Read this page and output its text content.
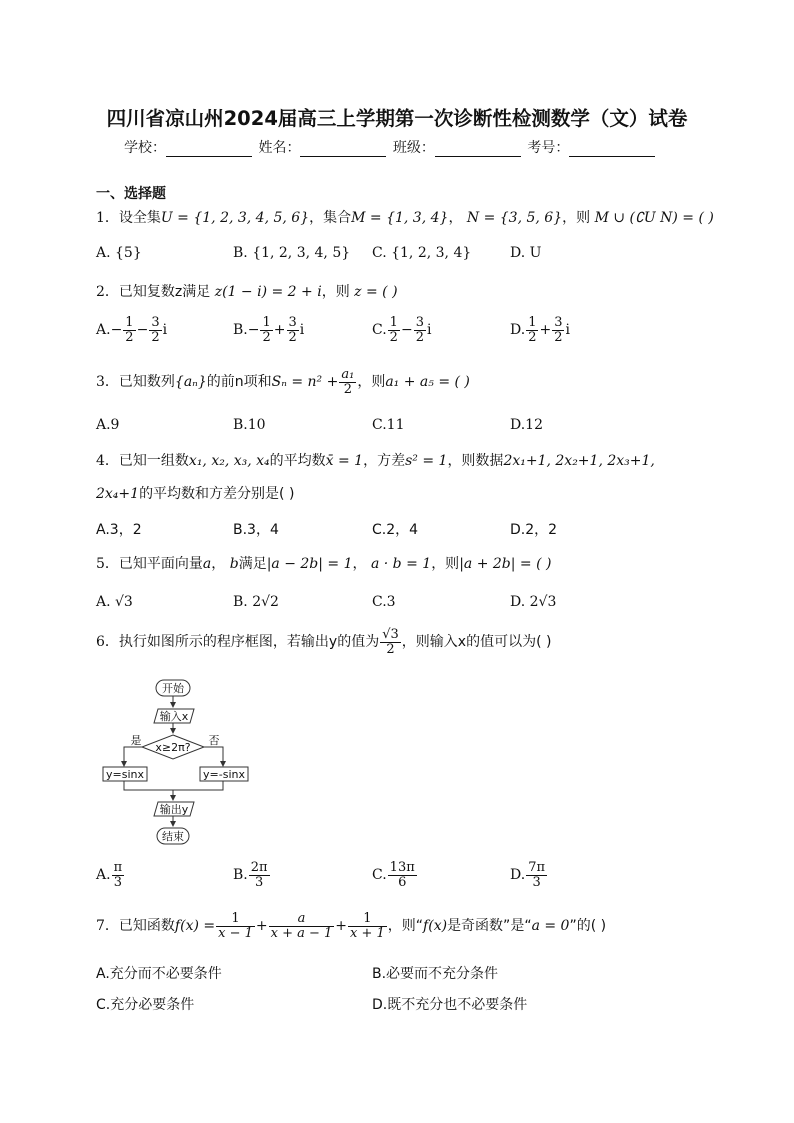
四川省凉山州2024届高三上学期第一次诊断性检测数学（文）试卷
学校：	姓名：	班级：	考号：
一、选择题
1．设全集U = {1, 2, 3, 4, 5, 6}，集合M = {1, 3, 4}， N = {3, 5, 6}，则 M ∪ (∁U N) = ( )
A. {5}	B. {1, 2, 3, 4, 5} C. {1, 2, 3, 4}	D. U
2．已知复数z满足 z(1 − i) = 2 + i，则 z = ( )
$A.- \frac{1}{2} - \frac{3}{2}$ i	$B.- \frac{1}{2} + \frac{3}{2}$ i	C. $\frac{1}{2} - \frac{3}{2}$ i	D. $\frac{1}{2} + \frac{3}{2}$ i
3．已知数列{aₙ}的前n项和$S_n = n^2 + \frac{\text{a₁}}{2}$ ，则a₁ + a₅ = ( )
A.9	B.10	C.11	D.12
4．已知一组数x₁, x₂, x₃, x₄的平均数x̄ = 1，方差s² = 1，则数据2x₁+1, 2x₂+1, 2x₃+1,
2x₄+1的平均数和方差分别是( )
A.3，2	B.3，4	C.2，4	D.2，2
5．已知平面向量a， b满足|a − 2b| = 1， a · b = 1，则|a + 2b| = ( )
A. √3	B. 2√2	C.3	D. 2√3
6．执行如图所示的程序框图，若输出y的值为 $\frac{√3}{2}$ ，则输入x的值可以为( )
开始
输入x
x≥2π?
是	否
y=sinx	y=-sinx
输出y
结束
A. $\frac{\pi}{3}$	B. $\frac{2\pi}{3}$	C. $\frac{13\pi}{6}$	D. $\frac{7\pi}{3}$
7．已知函数$f(x) = \frac{1}{x - 1} + \frac{a}{x + a - 1} + \frac{1}{x + 1}$ ，则“f(x)是奇函数”是“a = 0”的( )
A.充分而不必要条件	B.必要而不充分条件
C.充分必要条件	D.既不充分也不必要条件
